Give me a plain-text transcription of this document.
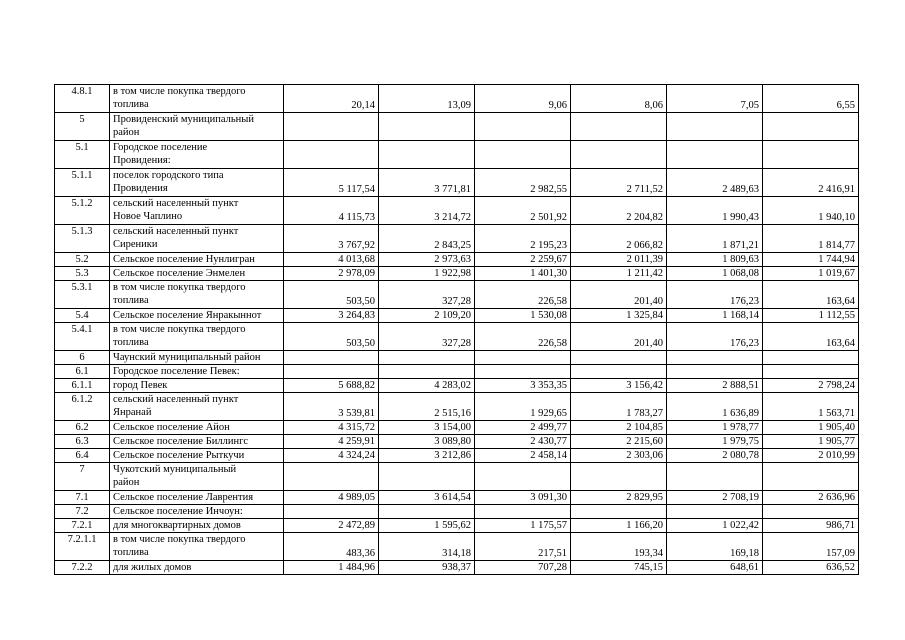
4.8.1	в том числе покупка твердого
топлива	20,14	13,09	9,06	8,06	7,05	6,55
5	Провиденский муниципальный
район						

5.1	Городское поселение
Провидения:						

5.1.1	поселок городского типа
Провидения	5 117,54	3 771,81	2 982,55	2 711,52	2 489,63	2 416,91
5.1.2	сельский населенный пункт
Новое Чаплино	4 115,73	3 214,72	2 501,92	2 204,82	1 990,43	1 940,10
5.1.3	сельский населенный пункт
Сиреники	3 767,92	2 843,25	2 195,23	2 066,82	1 871,21	1 814,77
5.2	Сельское поселение Нунлигран	4 013,68	2 973,63	2 259,67	2 011,39	1 809,63	1 744,94
5.3	Сельское поселение Энмелен	2 978,09	1 922,98	1 401,30	1 211,42	1 068,08	1 019,67
5.3.1	в том числе покупка твердого
топлива	503,50	327,28	226,58	201,40	176,23	163,64
5.4	Сельское поселение Янракыннот	3 264,83	2 109,20	1 530,08	1 325,84	1 168,14	1 112,55
5.4.1	в том числе покупка твердого
топлива	503,50	327,28	226,58	201,40	176,23	163,64
6	Чаунский муниципальный район						

6.1	Городское поселение Певек:						

6.1.1	город Певек	5 688,82	4 283,02	3 353,35	3 156,42	2 888,51	2 798,24
6.1.2	сельский населенный пункт
Янранай	3 539,81	2 515,16	1 929,65	1 783,27	1 636,89	1 563,71
6.2	Сельское поселение Айон	4 315,72	3 154,00	2 499,77	2 104,85	1 978,77	1 905,40
6.3	Сельское поселение Биллингс	4 259,91	3 089,80	2 430,77	2 215,60	1 979,75	1 905,77
6.4	Сельское поселение Рыткучи	4 324,24	3 212,86	2 458,14	2 303,06	2 080,78	2 010,99
7	Чукотский муниципальный
район						

7.1	Сельское поселение Лаврентия	4 989,05	3 614,54	3 091,30	2 829,95	2 708,19	2 636,96
7.2	Сельское поселение Инчоун:						

7.2.1	для многоквартирных домов	2 472,89	1 595,62	1 175,57	1 166,20	1 022,42	986,71
7.2.1.1	в том числе покупка твердого
топлива	483,36	314,18	217,51	193,34	169,18	157,09
7.2.2	для жилых домов	1 484,96	938,37	707,28	745,15	648,61	636,52
